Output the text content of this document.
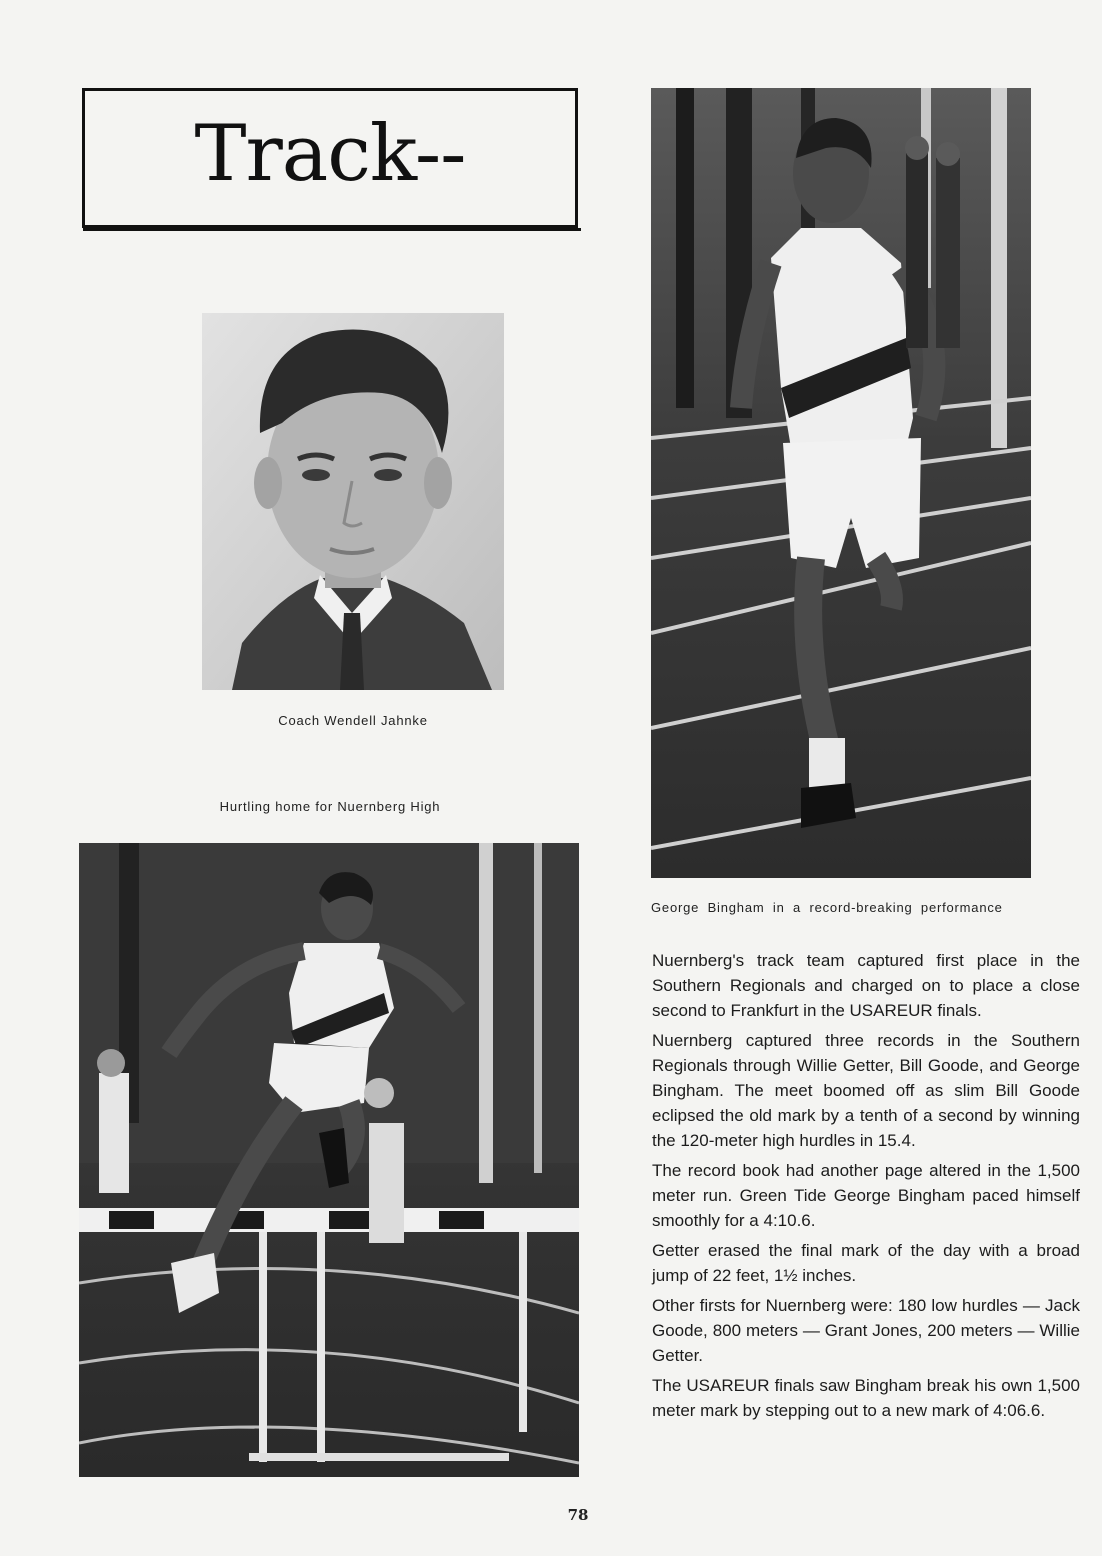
Track--
Coach Wendell Jahnke
George Bingham in a record-breaking performance
Hurtling home for Nuernberg High

Nuernberg's track team captured first place in the Southern Regionals and charged on to place a close second to Frankfurt in the USAREUR finals.

Nuernberg captured three records in the Southern Regionals through Willie Getter, Bill Goode, and George Bingham. The meet boomed off as slim Bill Goode eclipsed the old mark by a tenth of a second by winning the 120-meter high hurdles in 15.4.

The record book had another page altered in the 1,500 meter run. Green Tide George Bingham paced himself smoothly for a 4:10.6.

Getter erased the final mark of the day with a broad jump of 22 feet, 1½ inches.

Other firsts for Nuernberg were: 180 low hurdles — Jack Goode, 800 meters — Grant Jones, 200 meters — Willie Getter.

The USAREUR finals saw Bingham break his own 1,500 meter mark by stepping out to a new mark of 4:06.6.

78
